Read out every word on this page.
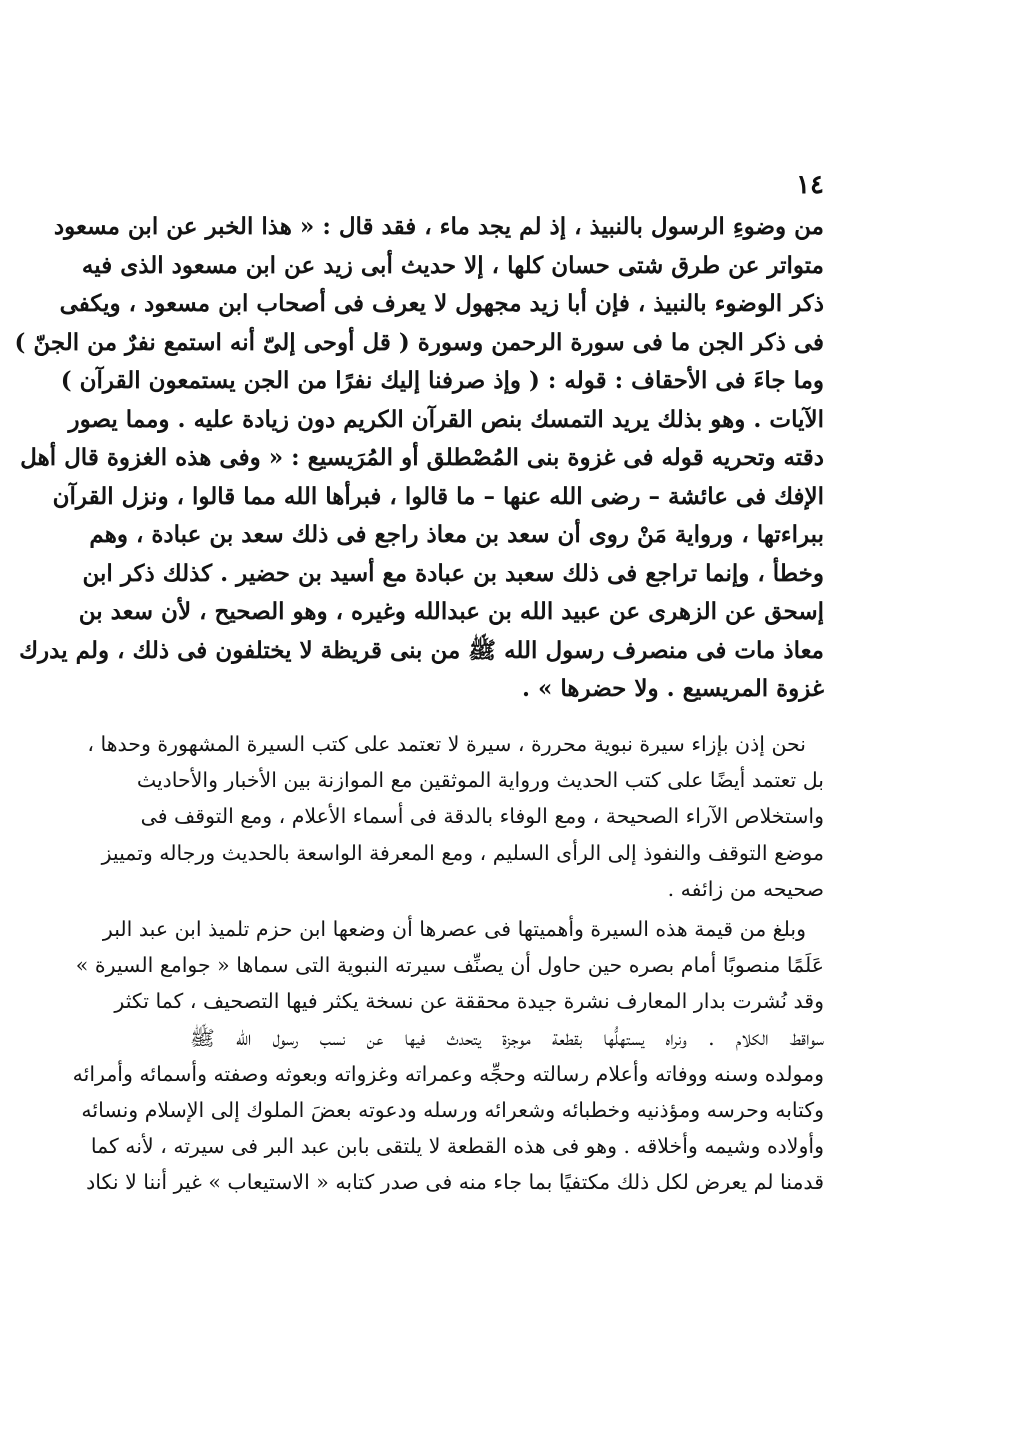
١٤
من وضوءِ الرسول بالنبيذ ، إذ لم يجد ماء ، فقد قال : « هذا الخبر عن ابن مسعود
متواتر عن طرق شتى حسان كلها ، إلا حديث أبى زيد عن ابن مسعود الذى فيه
ذكر الوضوء بالنبيذ ، فإن أبا زيد مجهول لا يعرف فى أصحاب ابن مسعود ، ويكفى
فى ذكر الجن ما فى سورة الرحمن وسورة ( قل أوحى إلىّ أنه استمع نفرٌ من الجنّ )
وما جاءَ فى الأحقاف : قوله : ( وإذ صرفنا إليك نفرًا من الجن يستمعون القرآن )
الآيات . وهو بذلك يريد التمسك بنص القرآن الكريم دون زيادة عليه . ومما يصور
دقته وتحريه قوله فى غزوة بنى المُصْطلق أو المُرَيسيع : « وفى هذه الغزوة قال أهل
الإفك فى عائشة – رضى الله عنها – ما قالوا ، فبرأها الله مما قالوا ، ونزل القرآن
ببراءتها ، ورواية مَنْ روى أن سعد بن معاذ راجع فى ذلك سعد بن عبادة ، وهم
وخطأ ، وإنما تراجع فى ذلك سعبد بن عبادة مع أسيد بن حضير . كذلك ذكر ابن
إسحق عن الزهرى عن عبيد الله بن عبدالله وغيره ، وهو الصحيح ، لأن سعد بن
معاذ مات فى منصرف رسول الله ﷺ من بنى قريظة لا يختلفون فى ذلك ، ولم يدرك
غزوة المريسيع . ولا حضرها » .
نحن إذن بإزاء سيرة نبوية محررة ، سيرة لا تعتمد على كتب السيرة المشهورة وحدها ،
بل تعتمد أيضًا على كتب الحديث ورواية الموثقين مع الموازنة بين الأخبار والأحاديث
واستخلاص الآراء الصحيحة ، ومع الوفاء بالدقة فى أسماء الأعلام ، ومع التوقف فى
موضع التوقف والنفوذ إلى الرأى السليم ، ومع المعرفة الواسعة بالحديث ورجاله وتمييز
صحيحه من زائفه .
وبلغ من قيمة هذه السيرة وأهميتها فى عصرها أن وضعها ابن حزم تلميذ ابن عبد البر
عَلَمًا منصوبًا أمام بصره حين حاول أن يصنِّف سيرته النبوية التى سماها « جوامع السيرة »
وقد نُشرت بدار المعارف نشرة جيدة محققة عن نسخة يكثر فيها التصحيف ، كما تكثر
سواقط الكلام . ونراه يستهلُّها بقطعة موجزة يتحدث فيها عن نسب رسول الله ﷺ
ومولده وسنه ووفاته وأعلام رسالته وحجِّه وعمراته وغزواته وبعوثه وصفته وأسمائه وأمرائه
وكتابه وحرسه ومؤذنيه وخطبائه وشعرائه ورسله ودعوته بعضَ الملوك إلى الإسلام ونسائه
وأولاده وشيمه وأخلاقه . وهو فى هذه القطعة لا يلتقى بابن عبد البر فى سيرته ، لأنه كما
قدمنا لم يعرض لكل ذلك مكتفيًا بما جاء منه فى صدر كتابه « الاستيعاب » غير أننا لا نكاد
